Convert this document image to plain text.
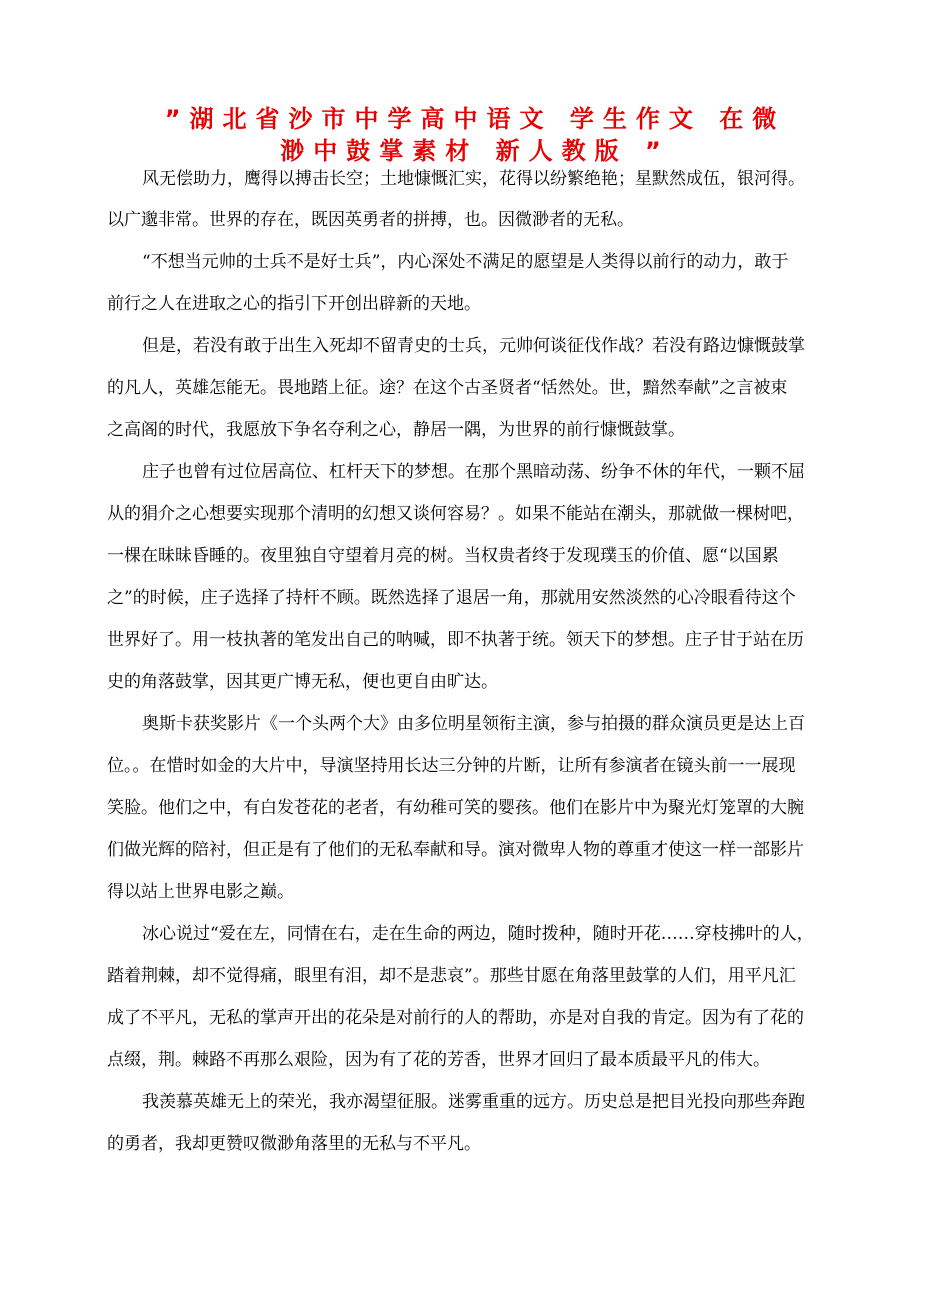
”湖北省沙市中学高中语文 学生作文 在微
渺中鼓掌素材 新人教版 ”
风无偿助力，鹰得以搏击长空；土地慷慨汇实，花得以纷繁绝艳；星默然成伍，银河得。
以广邈非常。世界的存在，既因英勇者的拼搏，也。因微渺者的无私。
“不想当元帅的士兵不是好士兵”，内心深处不满足的愿望是人类得以前行的动力，敢于
前行之人在进取之心的指引下开创出辟新的天地。
但是，若没有敢于出生入死却不留青史的士兵，元帅何谈征伐作战？若没有路边慷慨鼓掌
的凡人，英雄怎能无。畏地踏上征。途？在这个古圣贤者“恬然处。世，黯然奉献”之言被束
之高阁的时代，我愿放下争名夺利之心，静居一隅，为世界的前行慷慨鼓掌。
庄子也曾有过位居高位、杠杆天下的梦想。在那个黑暗动荡、纷争不休的年代，一颗不屈
从的狷介之心想要实现那个清明的幻想又谈何容易？。如果不能站在潮头，那就做一棵树吧，
一棵在昧昧昏睡的。夜里独自守望着月亮的树。当权贵者终于发现璞玉的价值、愿“以国累
之”的时候，庄子选择了持杆不顾。既然选择了退居一角，那就用安然淡然的心冷眼看待这个
世界好了。用一枝执著的笔发出自己的呐喊，即不执著于统。领天下的梦想。庄子甘于站在历
史的角落鼓掌，因其更广博无私，便也更自由旷达。
奥斯卡获奖影片《一个头两个大》由多位明星领衔主演，参与拍摄的群众演员更是达上百
位。。在惜时如金的大片中，导演坚持用长达三分钟的片断，让所有参演者在镜头前一一展现
笑脸。他们之中，有白发苍花的老者，有幼稚可笑的婴孩。他们在影片中为聚光灯笼罩的大腕
们做光辉的陪衬，但正是有了他们的无私奉献和导。演对微卑人物的尊重才使这一样一部影片
得以站上世界电影之巅。
冰心说过“爱在左，同情在右，走在生命的两边，随时拨种，随时开花……穿枝拂叶的人，
踏着荆棘，却不觉得痛，眼里有泪，却不是悲哀”。那些甘愿在角落里鼓掌的人们，用平凡汇
成了不平凡，无私的掌声开出的花朵是对前行的人的帮助，亦是对自我的肯定。因为有了花的
点缀，荆。棘路不再那么艰险，因为有了花的芳香，世界才回归了最本质最平凡的伟大。
我羡慕英雄无上的荣光，我亦渴望征服。迷雾重重的远方。历史总是把目光投向那些奔跑
的勇者，我却更赞叹微渺角落里的无私与不平凡。
